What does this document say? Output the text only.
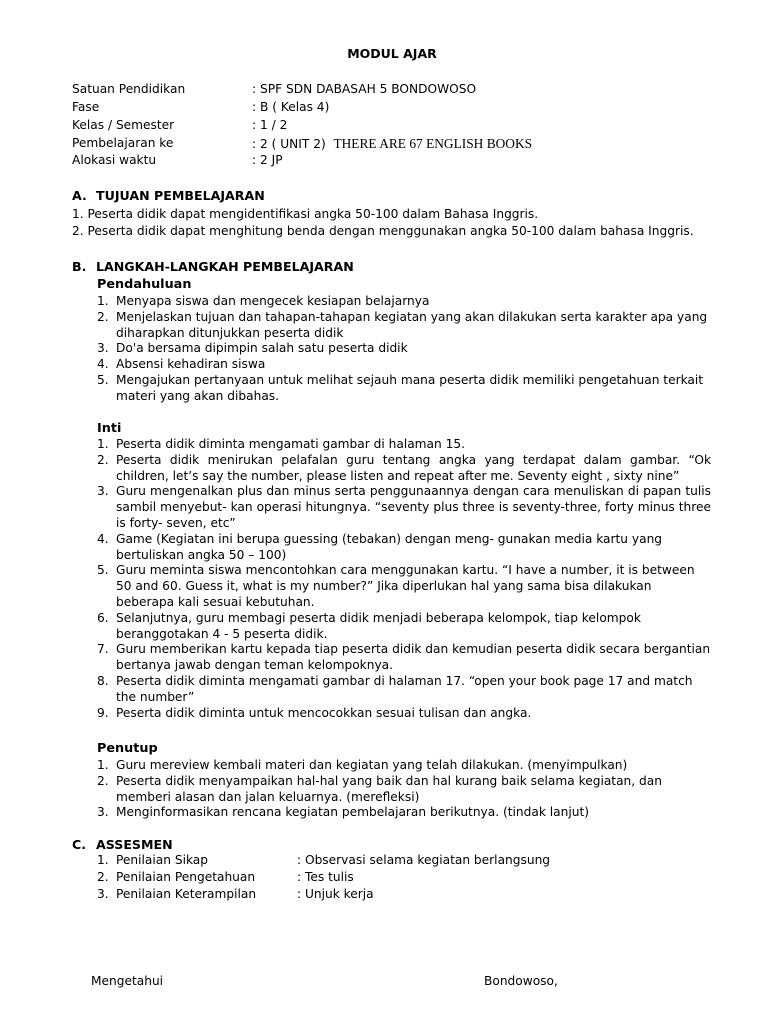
MODUL AJAR
Satuan Pendidikan	: SPF SDN DABASAH 5 BONDOWOSO
Fase	: B ( Kelas 4)
Kelas / Semester	: 1 / 2
Pembelajaran ke	: 2 ( UNIT 2) THERE ARE 67 ENGLISH BOOKS
Alokasi waktu	: 2 JP
A. TUJUAN PEMBELAJARAN
1. Peserta didik dapat mengidentifikasi angka 50-100 dalam Bahasa Inggris.
2. Peserta didik dapat menghitung benda dengan menggunakan angka 50-100 dalam bahasa Inggris.
B. LANGKAH-LANGKAH PEMBELAJARAN
Pendahuluan
1. Menyapa siswa dan mengecek kesiapan belajarnya
2. Menjelaskan tujuan dan tahapan-tahapan kegiatan yang akan dilakukan serta karakter apa yang diharapkan ditunjukkan peserta didik
3. Do'a bersama dipimpin salah satu peserta didik
4. Absensi kehadiran siswa
5. Mengajukan pertanyaan untuk melihat sejauh mana peserta didik memiliki pengetahuan terkait materi yang akan dibahas.
Inti
1. Peserta didik diminta mengamati gambar di halaman 15.
2. Peserta didik menirukan pelafalan guru tentang angka yang terdapat dalam gambar. “Ok children, let’s say the number, please listen and repeat after me. Seventy eight , sixty nine”
3. Guru mengenalkan plus dan minus serta penggunaannya dengan cara menuliskan di papan tulis sambil menyebut- kan operasi hitungnya. “seventy plus three is seventy-three, forty minus three is forty- seven, etc”
4. Game (Kegiatan ini berupa guessing (tebakan) dengan meng- gunakan media kartu yang bertuliskan angka 50 – 100)
5. Guru meminta siswa mencontohkan cara menggunakan kartu. “I have a number, it is between 50 and 60. Guess it, what is my number?” Jika diperlukan hal yang sama bisa dilakukan beberapa kali sesuai kebutuhan.
6. Selanjutnya, guru membagi peserta didik menjadi beberapa kelompok, tiap kelompok beranggotakan 4 - 5 peserta didik.
7. Guru memberikan kartu kepada tiap peserta didik dan kemudian peserta didik secara bergantian bertanya jawab dengan teman kelompoknya.
8. Peserta didik diminta mengamati gambar di halaman 17. “open your book page 17 and match the number”
9. Peserta didik diminta untuk mencocokkan sesuai tulisan dan angka.
Penutup
1. Guru mereview kembali materi dan kegiatan yang telah dilakukan. (menyimpulkan)
2. Peserta didik menyampaikan hal-hal yang baik dan hal kurang baik selama kegiatan, dan memberi alasan dan jalan keluarnya. (merefleksi)
3. Menginformasikan rencana kegiatan pembelajaran berikutnya. (tindak lanjut)
C. ASSESMEN
1. Penilaian Sikap	: Observasi selama kegiatan berlangsung
2. Penilaian Pengetahuan	: Tes tulis
3. Penilaian Keterampilan	: Unjuk kerja
Mengetahui	Bondowoso,
